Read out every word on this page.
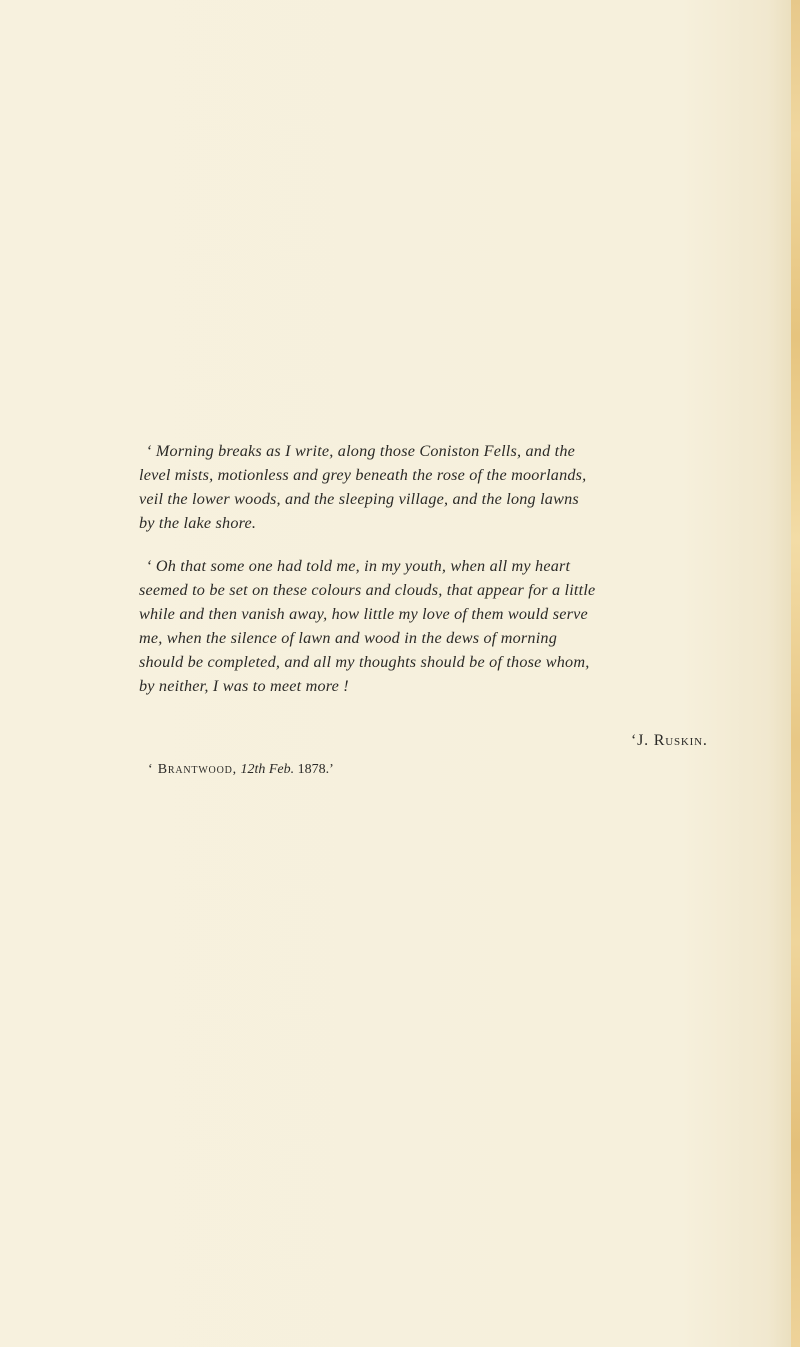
‘ Morning breaks as I write, along those Coniston Fells, and the
level mists, motionless and grey beneath the rose of the moorlands,
veil the lower woods, and the sleeping village, and the long lawns
by the lake shore.

‘ Oh that some one had told me, in my youth, when all my heart
seemed to be set on these colours and clouds, that appear for a little
while and then vanish away, how little my love of them would serve
me, when the silence of lawn and wood in the dews of morning
should be completed, and all my thoughts should be of those whom,
by neither, I was to meet more !

‘J. Ruskin.
‘ Brantwood, 12th Feb. 1878.’
